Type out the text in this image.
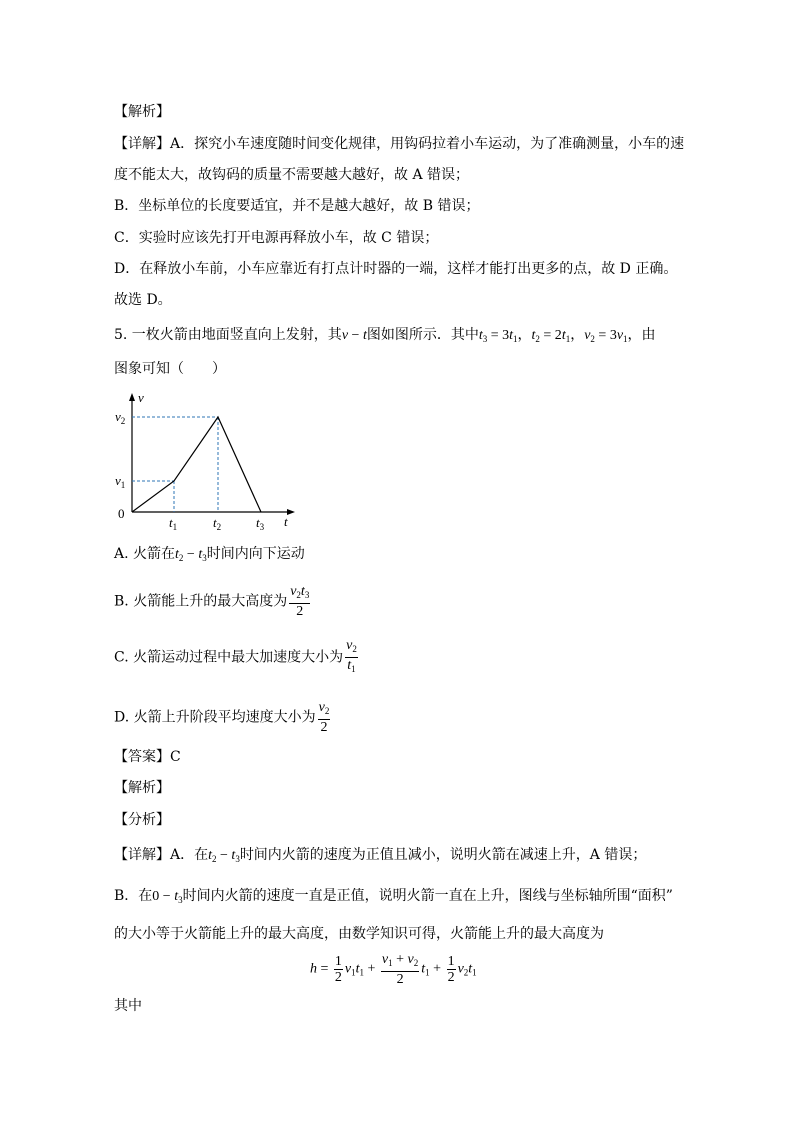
【解析】
【详解】A．探究小车速度随时间变化规律，用钩码拉着小车运动，为了准确测量，小车的速
度不能太大，故钩码的质量不需要越大越好，故 A 错误；
B．坐标单位的长度要适宜，并不是越大越好，故 B 错误；
C．实验时应该先打开电源再释放小车，故 C 错误；
D．在释放小车前，小车应靠近有打点计时器的一端，这样才能打出更多的点，故 D 正确。
故选 D。
5. 一枚火箭由地面竖直向上发射，其v − t图如图所示．其中$t_3 = 3t_1$，$t_2 = 2t_1$，$v_2 = 3v_1$，由
图象可知（　　）
v
t
0
$v_2$
$v_1$
$t_1$	$t_2$	$t_3$
A. 火箭在$t_2 - t_3$时间内向下运动
B. 火箭能上升的最大高度为 $\frac{v_2t_3}{2}$
C. 火箭运动过程中最大加速度大小为 $\frac{v_2}{t_1}$
D. 火箭上升阶段平均速度大小为 $\frac{v_2}{2}$
【答案】C
【解析】
【分析】
【详解】A．在$t_2 - t_3$时间内火箭的速度为正值且减小，说明火箭在减速上升，A 错误；
B．在$0 - t_3$时间内火箭的速度一直是正值，说明火箭一直在上升，图线与坐标轴所围“面积”
的大小等于火箭能上升的最大高度，由数学知识可得，火箭能上升的最大高度为
$h = \frac{1}{2} v_1t_1 + \frac{v_1 + v_2}{2} t_1 + \frac{1}{2} v_2t_1$
其中
